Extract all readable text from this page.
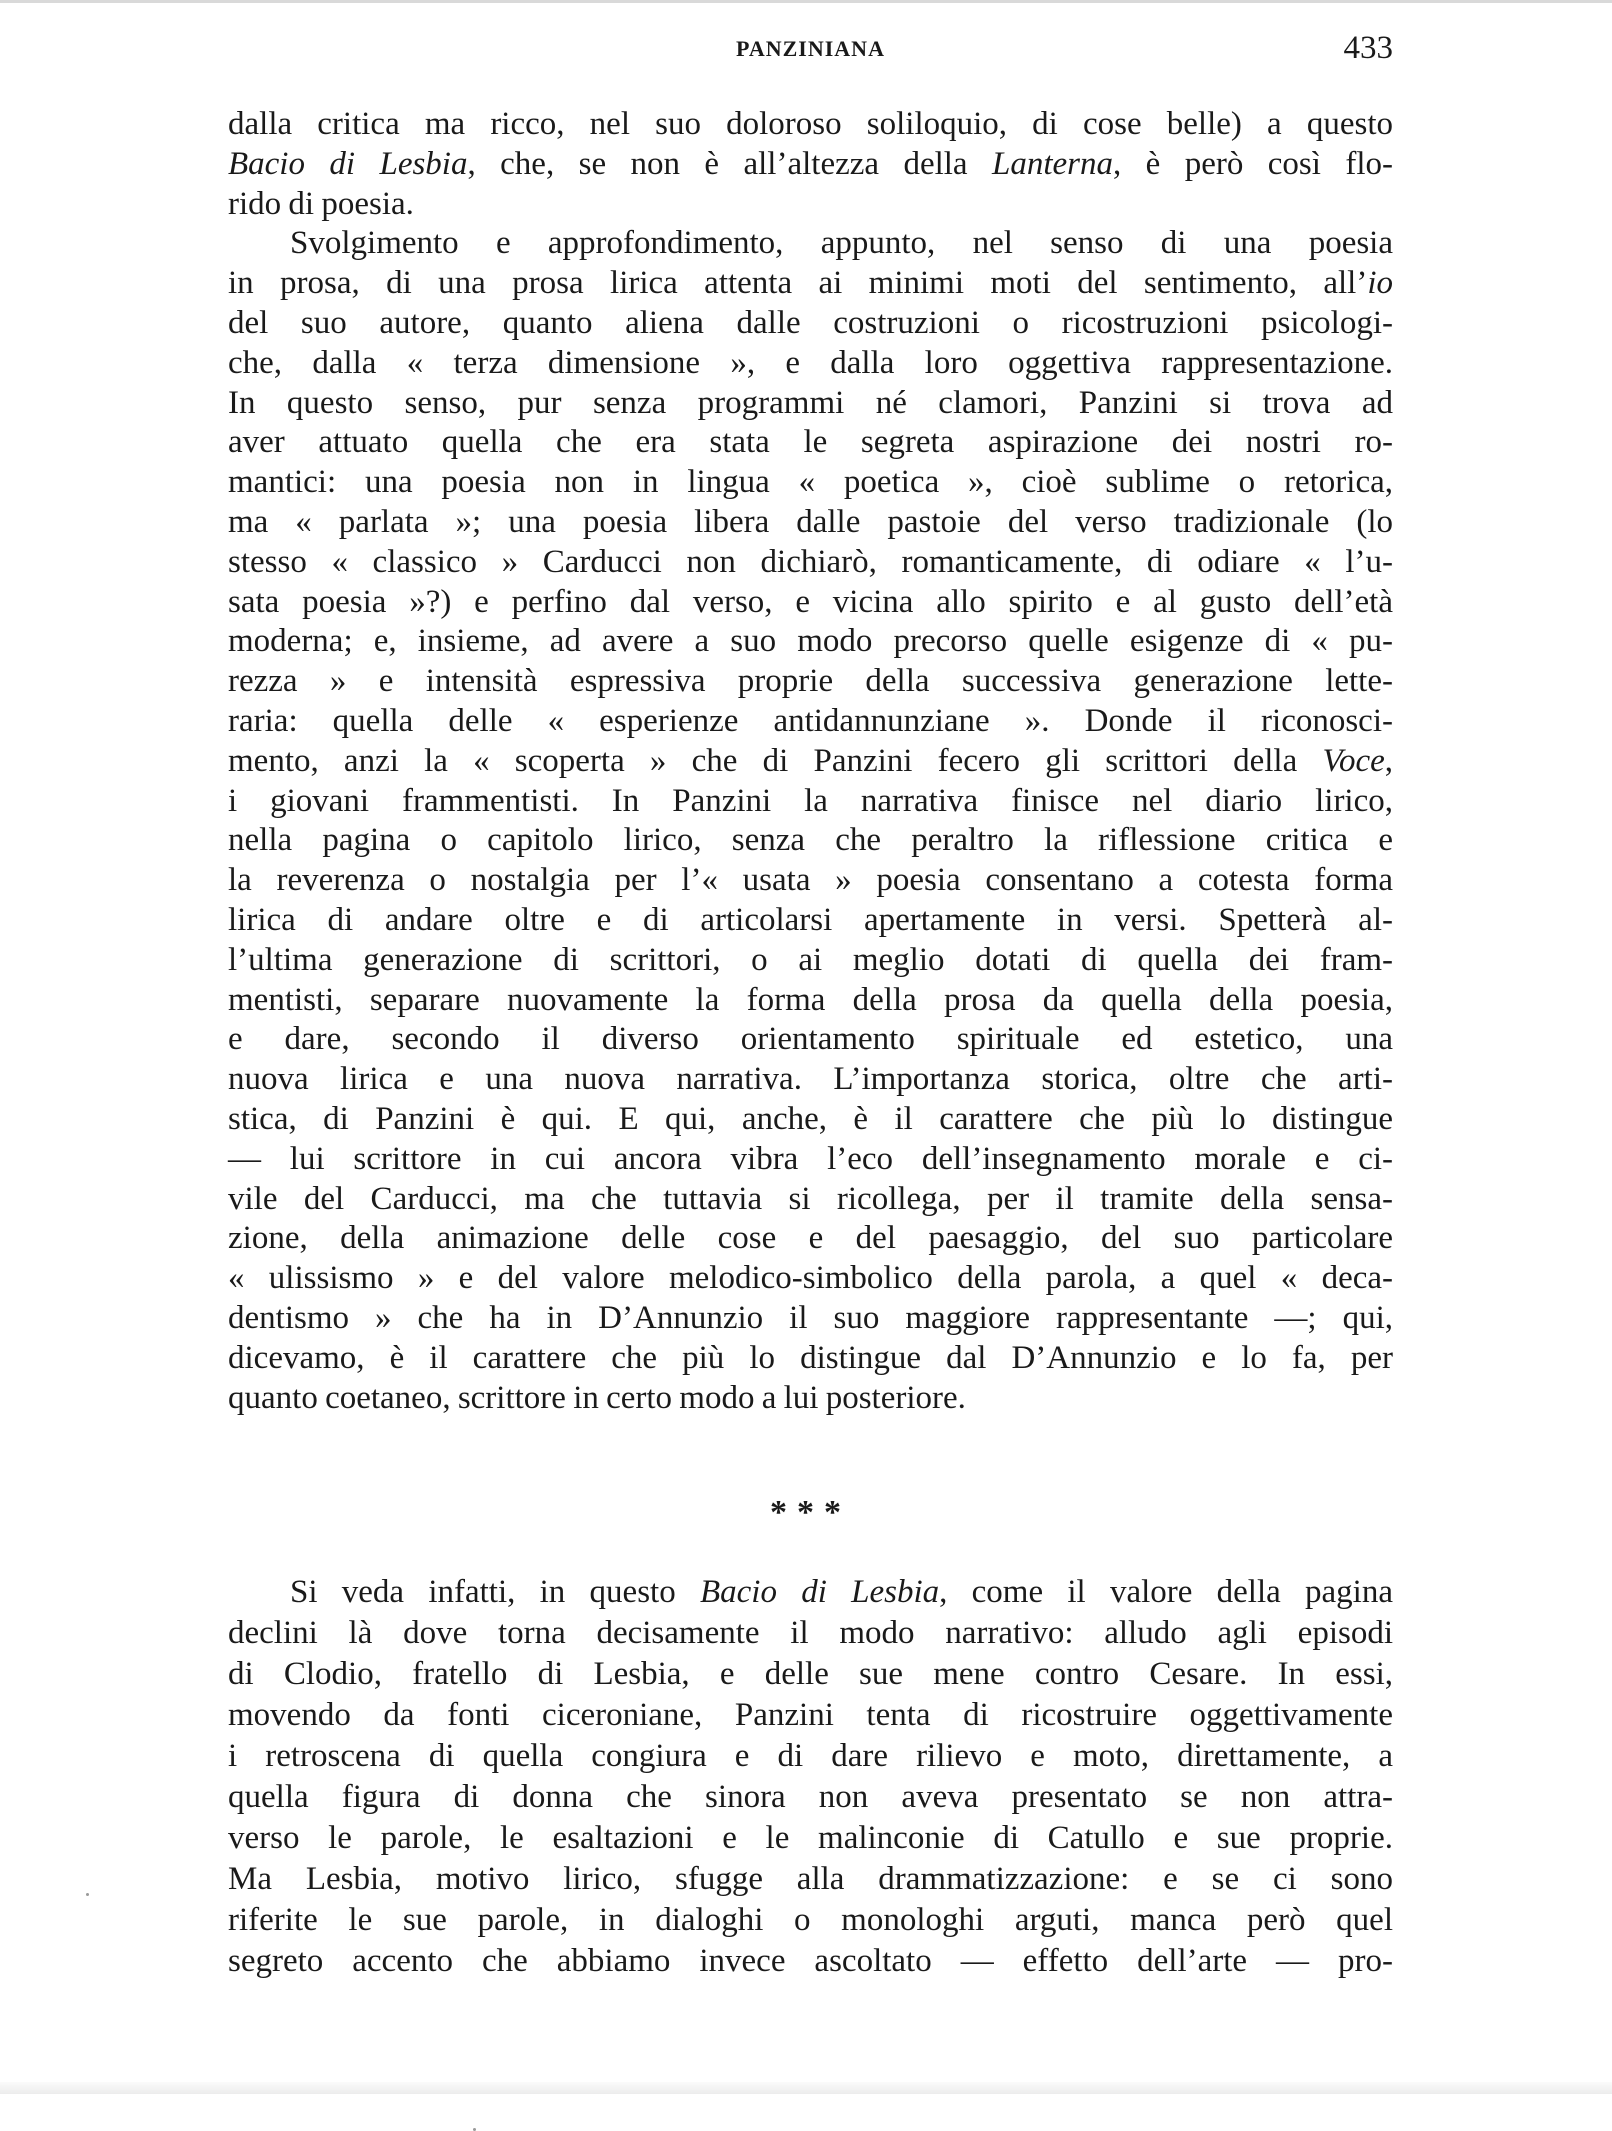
PANZINIANA	433
dalla critica ma ricco, nel suo doloroso soliloquio, di cose belle) a questo
Bacio di Lesbia, che, se non è all’altezza della Lanterna, è però così flo-
rido di poesia.
Svolgimento e approfondimento, appunto, nel senso di una poesia
in prosa, di una prosa lirica attenta ai minimi moti del sentimento, all’io
del suo autore, quanto aliena dalle costruzioni o ricostruzioni psicologi-
che, dalla « terza dimensione », e dalla loro oggettiva rappresentazione.
In questo senso, pur senza programmi né clamori, Panzini si trova ad
aver attuato quella che era stata le segreta aspirazione dei nostri ro-
mantici: una poesia non in lingua « poetica », cioè sublime o retorica,
ma « parlata »; una poesia libera dalle pastoie del verso tradizionale (lo
stesso « classico » Carducci non dichiarò, romanticamente, di odiare « l’u-
sata poesia »?) e perfino dal verso, e vicina allo spirito e al gusto dell’età
moderna; e, insieme, ad avere a suo modo precorso quelle esigenze di « pu-
rezza » e intensità espressiva proprie della successiva generazione lette-
raria: quella delle « esperienze antidannunziane ». Donde il riconosci-
mento, anzi la « scoperta » che di Panzini fecero gli scrittori della Voce,
i giovani frammentisti. In Panzini la narrativa finisce nel diario lirico,
nella pagina o capitolo lirico, senza che peraltro la riflessione critica e
la reverenza o nostalgia per l’« usata » poesia consentano a cotesta forma
lirica di andare oltre e di articolarsi apertamente in versi. Spetterà al-
l’ultima generazione di scrittori, o ai meglio dotati di quella dei fram-
mentisti, separare nuovamente la forma della prosa da quella della poesia,
e dare, secondo il diverso orientamento spirituale ed estetico, una
nuova lirica e una nuova narrativa. L’importanza storica, oltre che arti-
stica, di Panzini è qui. E qui, anche, è il carattere che più lo distingue
— lui scrittore in cui ancora vibra l’eco dell’insegnamento morale e ci-
vile del Carducci, ma che tuttavia si ricollega, per il tramite della sensa-
zione, della animazione delle cose e del paesaggio, del suo particolare
« ulissismo » e del valore melodico-simbolico della parola, a quel « deca-
dentismo » che ha in D’Annunzio il suo maggiore rappresentante —; qui,
dicevamo, è il carattere che più lo distingue dal D’Annunzio e lo fa, per
quanto coetaneo, scrittore in certo modo a lui posteriore.
***
Si veda infatti, in questo Bacio di Lesbia, come il valore della pagina
declini là dove torna decisamente il modo narrativo: alludo agli episodi
di Clodio, fratello di Lesbia, e delle sue mene contro Cesare. In essi,
movendo da fonti ciceroniane, Panzini tenta di ricostruire oggettivamente
i retroscena di quella congiura e di dare rilievo e moto, direttamente, a
quella figura di donna che sinora non aveva presentato se non attra-
verso le parole, le esaltazioni e le malinconie di Catullo e sue proprie.
Ma Lesbia, motivo lirico, sfugge alla drammatizzazione: e se ci sono
riferite le sue parole, in dialoghi o monologhi arguti, manca però quel
segreto accento che abbiamo invece ascoltato — effetto dell’arte — pro-
